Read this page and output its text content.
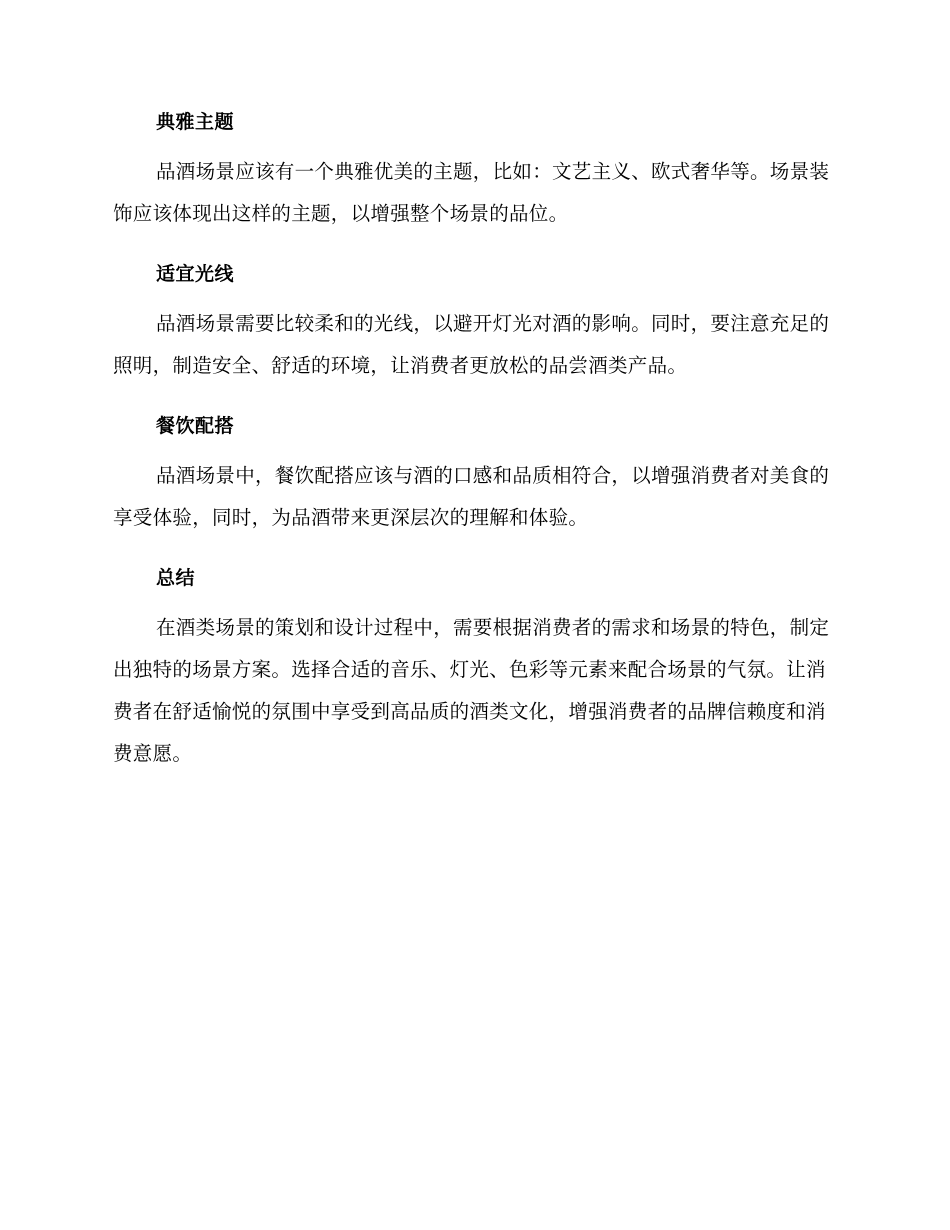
典雅主题

品酒场景应该有一个典雅优美的主题，比如：文艺主义、欧式奢华等。场景装饰应该体现出这样的主题，以增强整个场景的品位。

适宜光线

品酒场景需要比较柔和的光线，以避开灯光对酒的影响。同时，要注意充足的照明，制造安全、舒适的环境，让消费者更放松的品尝酒类产品。

餐饮配搭

品酒场景中，餐饮配搭应该与酒的口感和品质相符合，以增强消费者对美食的享受体验，同时，为品酒带来更深层次的理解和体验。

总结

在酒类场景的策划和设计过程中，需要根据消费者的需求和场景的特色，制定出独特的场景方案。选择合适的音乐、灯光、色彩等元素来配合场景的气氛。让消费者在舒适愉悦的氛围中享受到高品质的酒类文化，增强消费者的品牌信赖度和消费意愿。
